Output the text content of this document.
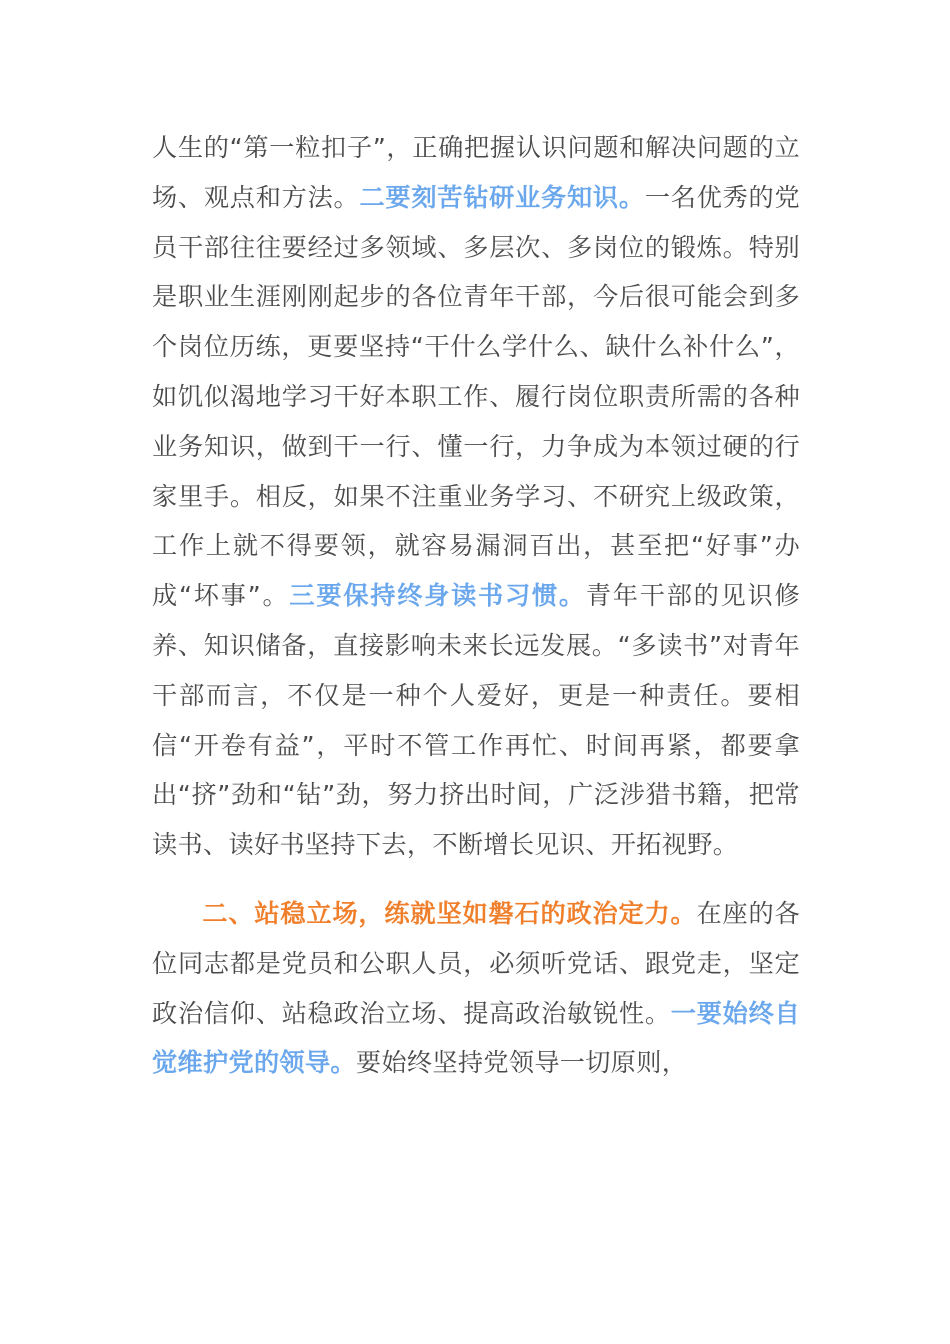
人生的“第一粒扣子”，正确把握认识问题和解决问题的立场、观点和方法。二要刻苦钻研业务知识。一名优秀的党员干部往往要经过多领域、多层次、多岗位的锻炼。特别是职业生涯刚刚起步的各位青年干部，今后很可能会到多个岗位历练，更要坚持“干什么学什么、缺什么补什么”，如饥似渴地学习干好本职工作、履行岗位职责所需的各种业务知识，做到干一行、懂一行，力争成为本领过硬的行家里手。相反，如果不注重业务学习、不研究上级政策，工作上就不得要领，就容易漏洞百出，甚至把“好事”办成“坏事”。三要保持终身读书习惯。青年干部的见识修养、知识储备，直接影响未来长远发展。“多读书”对青年干部而言，不仅是一种个人爱好，更是一种责任。要相信“开卷有益”，平时不管工作再忙、时间再紧，都要拿出“挤”劲和“钻”劲，努力挤出时间，广泛涉猎书籍，把常读书、读好书坚持下去，不断增长见识、开拓视野。

二、站稳立场，练就坚如磐石的政治定力。在座的各位同志都是党员和公职人员，必须听党话、跟党走，坚定政治信仰、站稳政治立场、提高政治敏锐性。一要始终自觉维护党的领导。要始终坚持党领导一切原则，
